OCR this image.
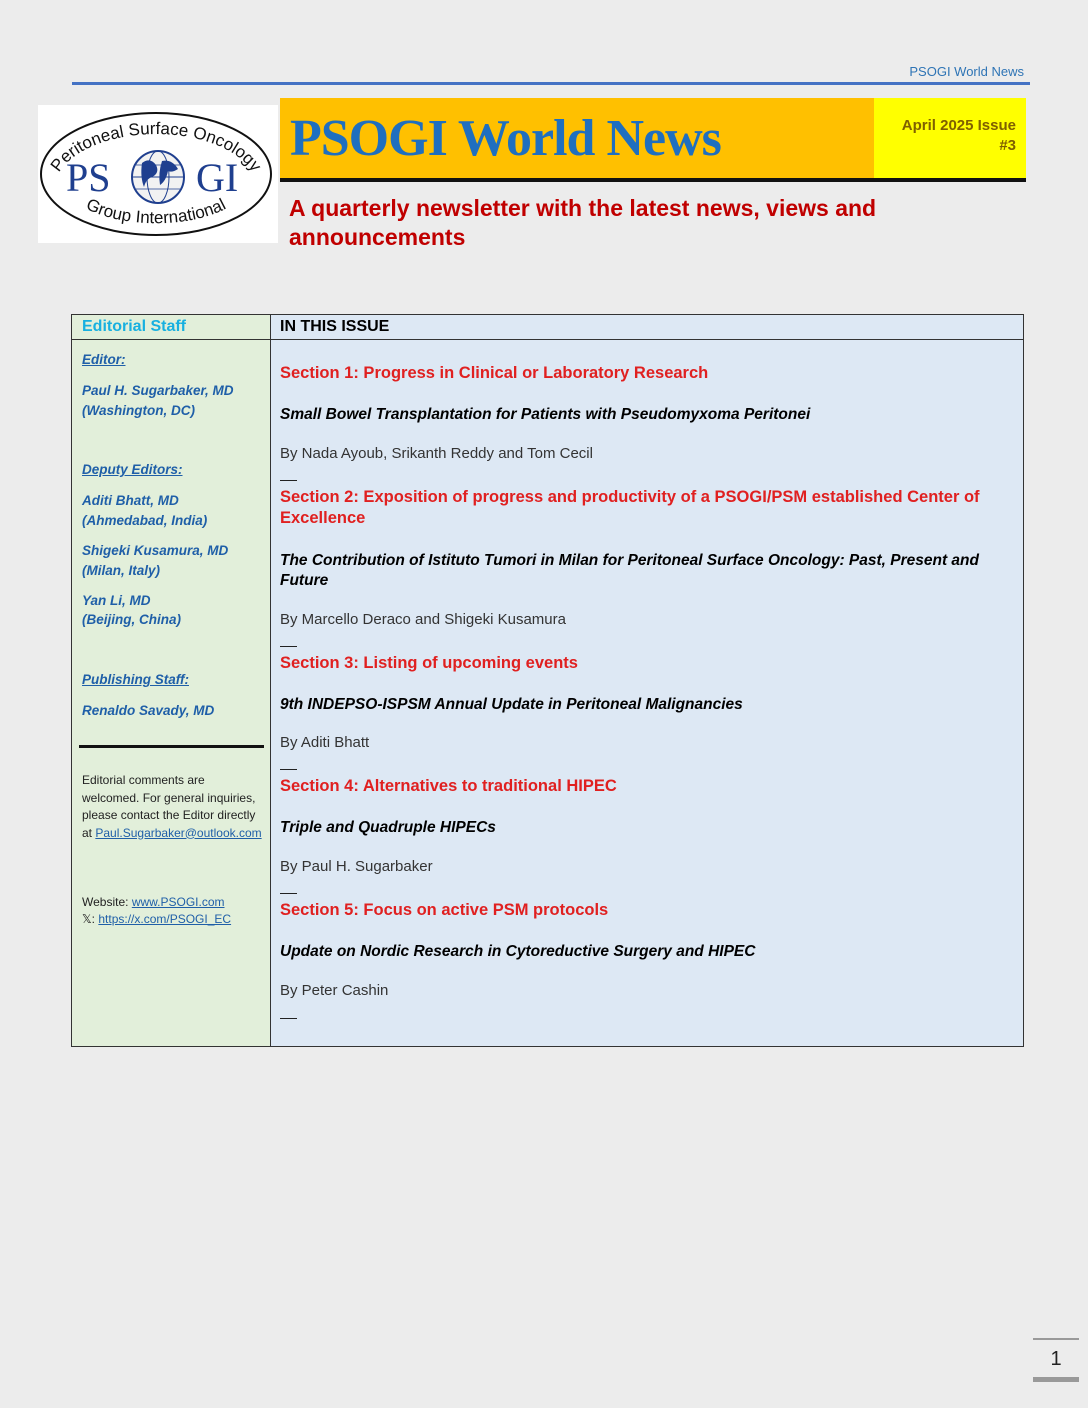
PSOGI World News
Peritoneal Surface Oncology
Group International
PS GI
PSOGI World News	April 2025 Issue
#3
A quarterly newsletter with the latest news, views and announcements
Editorial Staff
Editor:
Paul H. Sugarbaker, MD
(Washington, DC)
Deputy Editors:
Aditi Bhatt, MD
(Ahmedabad, India)
Shigeki Kusamura, MD
(Milan, Italy)
Yan Li, MD
(Beijing, China)
Publishing Staff:
Renaldo Savady, MD
Editorial comments are welcomed. For general inquiries, please contact the Editor directly at Paul.Sugarbaker@outlook.com
Website: www.PSOGI.com
𝕏: https://x.com/PSOGI_EC
IN THIS ISSUE
Section 1: Progress in Clinical or Laboratory Research
Small Bowel Transplantation for Patients with Pseudomyxoma Peritonei
By Nada Ayoub, Srikanth Reddy and Tom Cecil
Section 2: Exposition of progress and productivity of a PSOGI/PSM established Center of Excellence
The Contribution of Istituto Tumori in Milan for Peritoneal Surface Oncology: Past, Present and Future
By Marcello Deraco and Shigeki Kusamura
Section 3: Listing of upcoming events
9th INDEPSO-ISPSM Annual Update in Peritoneal Malignancies
By Aditi Bhatt
Section 4: Alternatives to traditional HIPEC
Triple and Quadruple HIPECs
By Paul H. Sugarbaker
Section 5: Focus on active PSM protocols
Update on Nordic Research in Cytoreductive Surgery and HIPEC
By Peter Cashin
1
